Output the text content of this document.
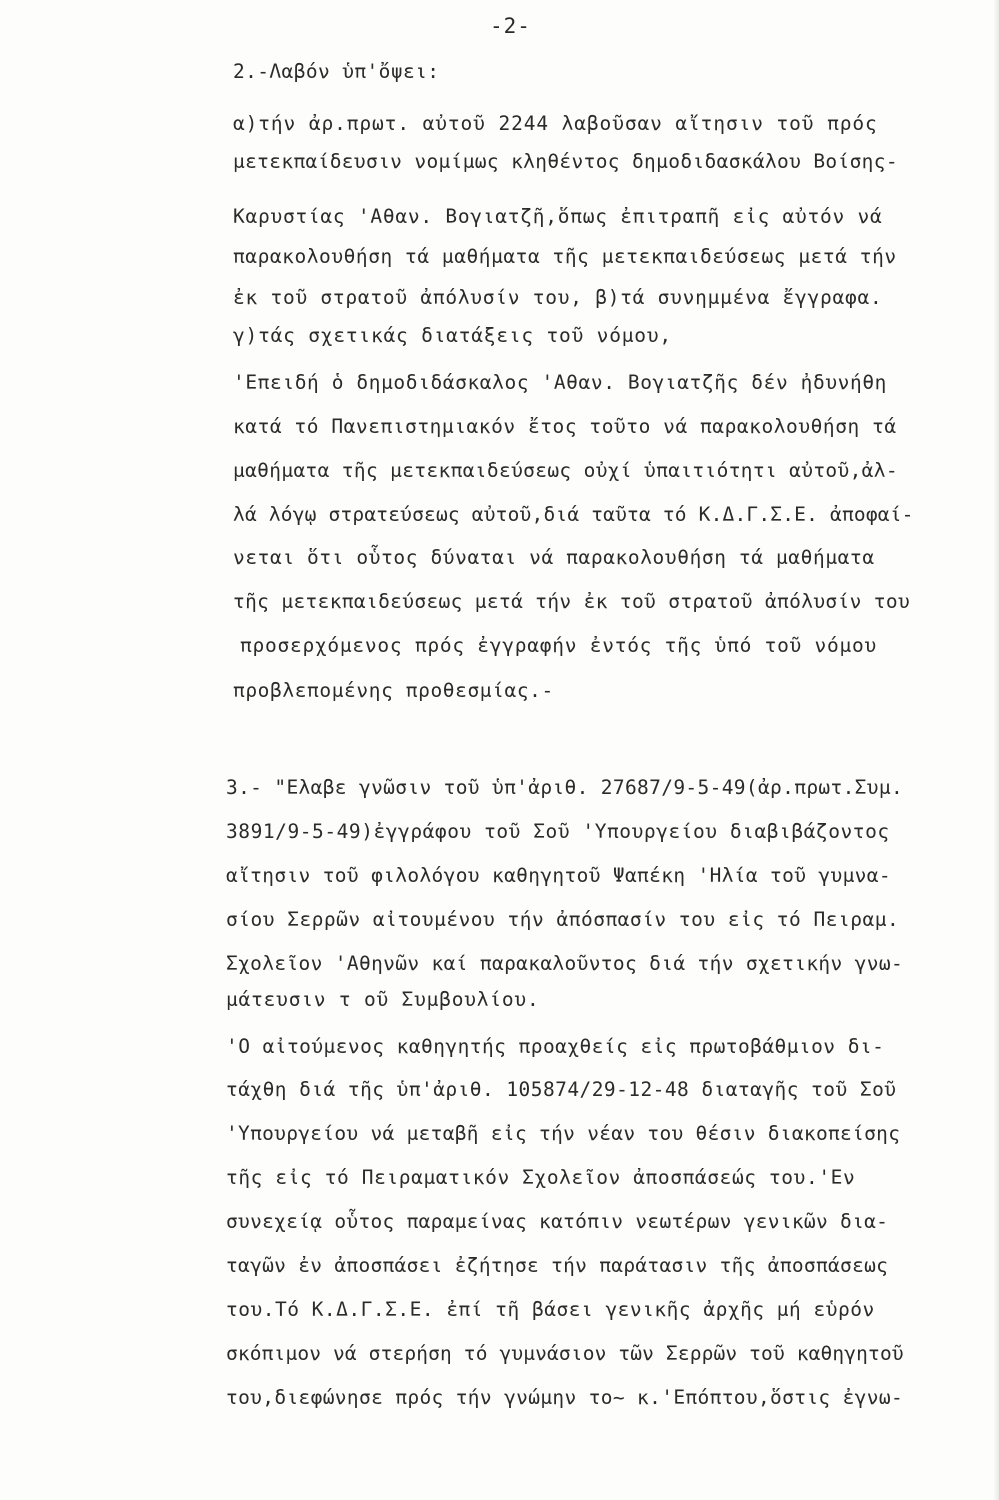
-2-
2.-Λαβόν ὑπ'ὄψει:
α)τήν ἀρ.πρωτ. αὐτοῦ 2244 λαβοῦσαν αἴτησιν τοῦ πρός
μετεκπαίδευσιν νομίμως κληθέντος δημοδιδασκάλου Βοίσης-
Καρυστίας 'Αθαν. Βογιατζῆ,ὅπως ἐπιτραπῆ εἰς αὐτόν νά
παρακολουθήση τά μαθήματα τῆς μετεκπαιδεύσεως μετά τήν
ἐκ τοῦ στρατοῦ ἀπόλυσίν του, β)τά συνημμένα ἔγγραφα.
γ)τάς σχετικάς διατάξεις τοῦ νόμου,
'Επειδή ὁ δημοδιδάσκαλος 'Αθαν. Βογιατζῆς δέν ἠδυνήθη
κατά τό Πανεπιστημιακόν ἔτος τοῦτο νά παρακολουθήση τά
μαθήματα τῆς μετεκπαιδεύσεως οὐχί ὑπαιτιότητι αὐτοῦ,ἀλ-
λά λόγῳ στρατεύσεως αὐτοῦ,διά ταῦτα τό Κ.Δ.Γ.Σ.Ε. ἀποφαί-
νεται ὅτι οὗτος δύναται νά παρακολουθήση τά μαθήματα
τῆς μετεκπαιδεύσεως μετά τήν ἐκ τοῦ στρατοῦ ἀπόλυσίν του
προσερχόμενος πρός ἐγγραφήν ἐντός τῆς ὑπό τοῦ νόμου
προβλεπομένης προθεσμίας.-
3.- "Ελαβε γνῶσιν τοῦ ὑπ'ἀριθ. 27687/9-5-49(ἀρ.πρωτ.Συμ.
3891/9-5-49)ἐγγράφου τοῦ Σοῦ 'Υπουργείου διαβιβάζοντος
αἴτησιν τοῦ φιλολόγου καθηγητοῦ Ψαπέκη 'Ηλία τοῦ γυμνα-
σίου Σερρῶν αἰτουμένου τήν ἀπόσπασίν του εἰς τό Πειραμ.
Σχολεῖον 'Αθηνῶν καί παρακαλοῦντος διά τήν σχετικήν γνω-
μάτευσιν τ οῦ Συμβουλίου.
'Ο αἰτούμενος καθηγητής προαχθείς εἰς πρωτοβάθμιον δι-
τάχθη διά τῆς ὑπ'ἀριθ. 105874/29-12-48 διαταγῆς τοῦ Σοῦ
'Υπουργείου νά μεταβῆ εἰς τήν νέαν του θέσιν διακοπείσης
τῆς εἰς τό Πειραματικόν Σχολεῖον ἀποσπάσεώς του.'Εν
συνεχείᾳ οὗτος παραμείνας κατόπιν νεωτέρων γενικῶν δια-
ταγῶν ἐν ἀποσπάσει ἐζήτησε τήν παράτασιν τῆς ἀποσπάσεως
του.Τό Κ.Δ.Γ.Σ.Ε. ἐπί τῆ βάσει γενικῆς ἀρχῆς μή εὑρόν
σκόπιμον νά στερήση τό γυμνάσιον τῶν Σερρῶν τοῦ καθηγητοῦ
του,διεφώνησε πρός τήν γνώμην το~ κ.'Επόπτου,ὅστις ἐγνω-
